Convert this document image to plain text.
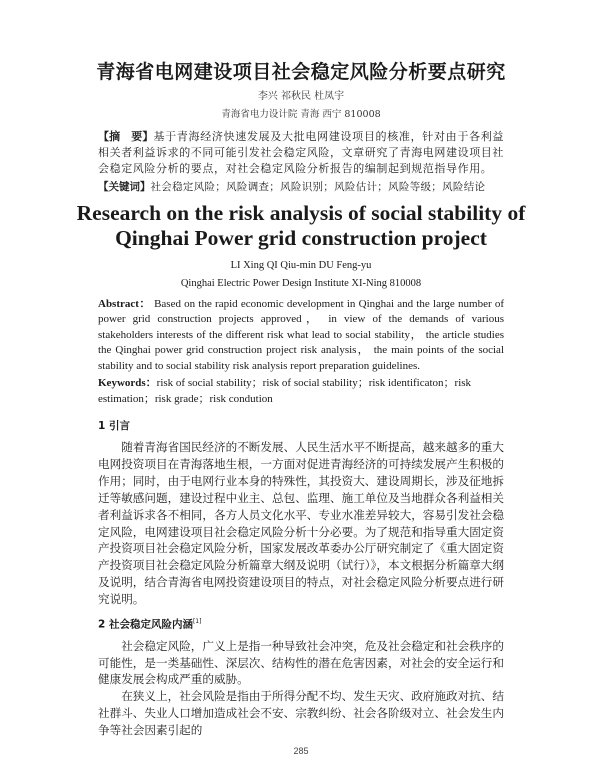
青海省电网建设项目社会稳定风险分析要点研究
李兴 祁秋民 杜凤宇
青海省电力设计院 青海 西宁 810008
【摘　要】基于青海经济快速发展及大批电网建设项目的核准，针对由于各利益相关者利益诉求的不同可能引发社会稳定风险，文章研究了青海电网建设项目社会稳定风险分析的要点，对社会稳定风险分析报告的编制起到规范指导作用。
【关键词】社会稳定风险；风险调查；风险识别；风险估计；风险等级；风险结论
Research on the risk analysis of social stability of
Qinghai Power grid construction project
LI Xing QI Qiu-min DU Feng-yu
Qinghai Electric Power Design Institute XI-Ning 810008
Abstract： Based on the rapid economic development in Qinghai and the large number of power grid construction projects approved， in view of the demands of various stakeholders interests of the different risk what lead to social stability， the article studies the Qinghai power grid construction project risk analysis， the main points of the social stability and to social stability risk analysis report preparation guidelines.
Keywords：risk of social stability；risk of social stability；risk identificaton；risk estimation；risk grade；risk condution
1 引言
随着青海省国民经济的不断发展、人民生活水平不断提高，越来越多的重大电网投资项目在青海落地生根，一方面对促进青海经济的可持续发展产生积极的作用；同时，由于电网行业本身的特殊性，其投资大、建设周期长，涉及征地拆迁等敏感问题，建设过程中业主、总包、监理、施工单位及当地群众各利益相关者利益诉求各不相同，各方人员文化水平、专业水准差异较大，容易引发社会稳定风险，电网建设项目社会稳定风险分析十分必要。为了规范和指导重大固定资产投资项目社会稳定风险分析，国家发展改革委办公厅研究制定了《重大固定资产投资项目社会稳定风险分析篇章大纲及说明（试行）》，本文根据分析篇章大纲及说明，结合青海省电网投资建设项目的特点，对社会稳定风险分析要点进行研究说明。
2 社会稳定风险内涵[1]
社会稳定风险，广义上是指一种导致社会冲突，危及社会稳定和社会秩序的可能性，是一类基础性、深层次、结构性的潜在危害因素，对社会的安全运行和健康发展会构成严重的威胁。
在狭义上，社会风险是指由于所得分配不均、发生天灾、政府施政对抗、结社群斗、失业人口增加造成社会不安、宗教纠纷、社会各阶级对立、社会发生内争等社会因素引起的
285
